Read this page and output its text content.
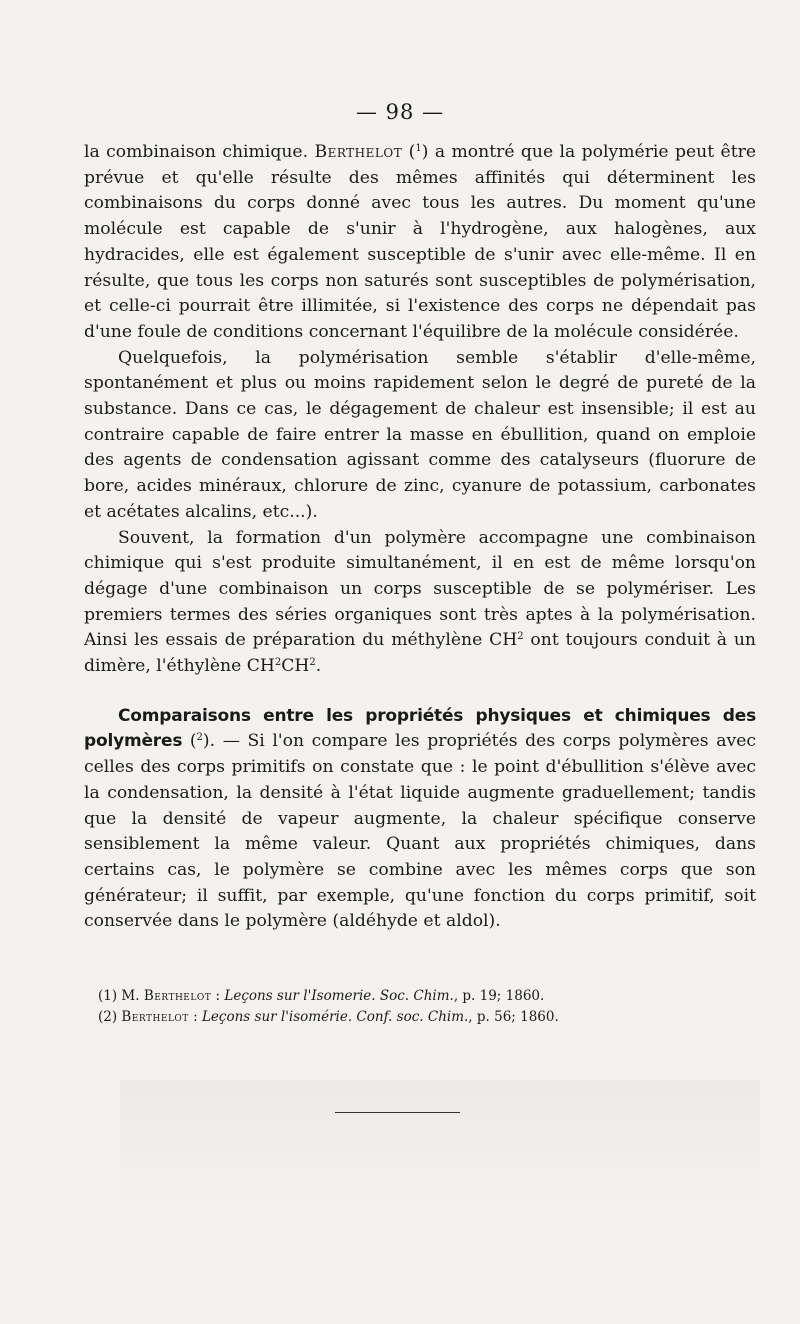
— 98 —

la combinaison chimique. Berthelot ($^1$) a montré que la polymérie peut être prévue et qu'elle résulte des mêmes affinités qui déterminent les combinaisons du corps donné avec tous les autres. Du moment qu'une molécule est capable de s'unir à l'hydrogène, aux halogènes, aux hydracides, elle est également susceptible de s'unir avec elle-même. Il en résulte, que tous les corps non saturés sont susceptibles de polymérisation, et celle-ci pourrait être illimitée, si l'existence des corps ne dépendait pas d'une foule de conditions concernant l'équilibre de la molécule considérée.

Quelquefois, la polymérisation semble s'établir d'elle-même, spontanément et plus ou moins rapidement selon le degré de pureté de la substance. Dans ce cas, le dégagement de chaleur est insensible; il est au contraire capable de faire entrer la masse en ébullition, quand on emploie des agents de condensation agissant comme des catalyseurs (fluorure de bore, acides minéraux, chlorure de zinc, cyanure de potassium, carbonates et acétates alcalins, etc...).

Souvent, la formation d'un polymère accompagne une combinaison chimique qui s'est produite simultanément, il en est de même lorsqu'on dégage d'une combinaison un corps susceptible de se polymériser. Les premiers termes des séries organiques sont très aptes à la polymérisation. Ainsi les essais de préparation du méthylène $CH^2$ ont toujours conduit à un dimère, l'éthylène $CH^2CH^2$.

Comparaisons entre les propriétés physiques et chimiques des polymères ($^2$). — Si l'on compare les propriétés des corps polymères avec celles des corps primitifs on constate que : le point d'ébullition s'élève avec la condensation, la densité à l'état liquide augmente graduellement; tandis que la densité de vapeur augmente, la chaleur spécifique conserve sensiblement la même valeur. Quant aux propriétés chimiques, dans certains cas, le polymère se combine avec les mêmes corps que son générateur; il suffit, par exemple, qu'une fonction du corps primitif, soit conservée dans le polymère (aldéhyde et aldol).

(1) M. Berthelot : Leçons sur l'Isomerie. Soc. Chim., p. 19; 1860.

(2) Berthelot : Leçons sur l'isomérie. Conf. soc. Chim., p. 56; 1860.
